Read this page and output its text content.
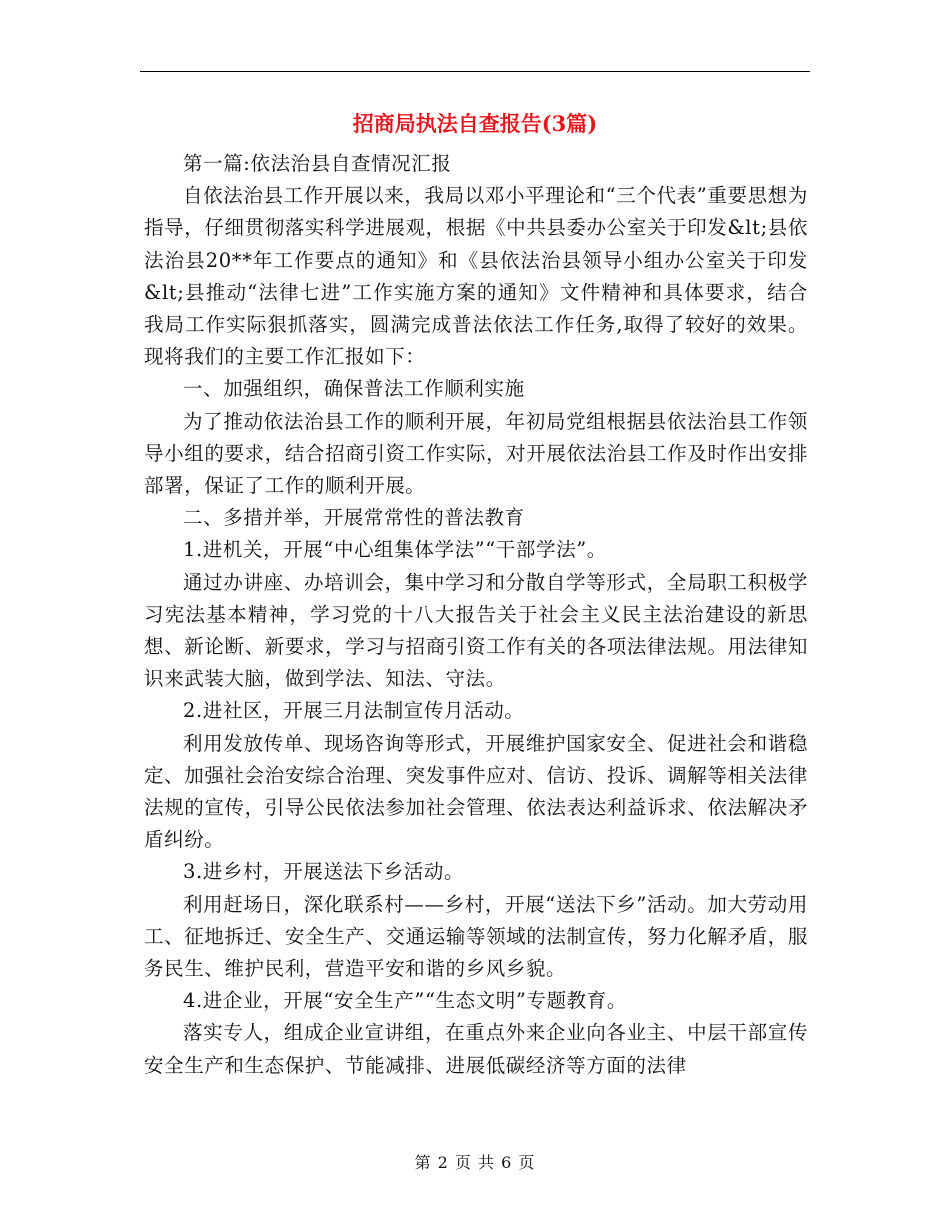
招商局执法自查报告(3篇)

第一篇:依法治县自查情况汇报

自依法治县工作开展以来，我局以邓小平理论和“三个代表”重要思想为指导，仔细贯彻落实科学进展观，根据《中共县委办公室关于印发&lt;县依法治县20**年工作要点的通知》和《县依法治县领导小组办公室关于印发&lt;县推动“法律七进”工作实施方案的通知》文件精神和具体要求，结合我局工作实际狠抓落实，圆满完成普法依法工作任务,取得了较好的效果。现将我们的主要工作汇报如下：

一、加强组织，确保普法工作顺利实施

为了推动依法治县工作的顺利开展，年初局党组根据县依法治县工作领导小组的要求，结合招商引资工作实际，对开展依法治县工作及时作出安排部署，保证了工作的顺利开展。

二、多措并举，开展常常性的普法教育

1.进机关，开展“中心组集体学法”“干部学法”。

通过办讲座、办培训会，集中学习和分散自学等形式，全局职工积极学习宪法基本精神，学习党的十八大报告关于社会主义民主法治建设的新思想、新论断、新要求，学习与招商引资工作有关的各项法律法规。用法律知识来武装大脑，做到学法、知法、守法。

2.进社区，开展三月法制宣传月活动。

利用发放传单、现场咨询等形式，开展维护国家安全、促进社会和谐稳定、加强社会治安综合治理、突发事件应对、信访、投诉、调解等相关法律法规的宣传，引导公民依法参加社会管理、依法表达利益诉求、依法解决矛盾纠纷。

3.进乡村，开展送法下乡活动。

利用赶场日，深化联系村——乡村，开展“送法下乡”活动。加大劳动用工、征地拆迁、安全生产、交通运输等领域的法制宣传，努力化解矛盾，服务民生、维护民利，营造平安和谐的乡风乡貌。

4.进企业，开展“安全生产”“生态文明”专题教育。

落实专人，组成企业宣讲组，在重点外来企业向各业主、中层干部宣传安全生产和生态保护、节能减排、进展低碳经济等方面的法律

第 2 页 共 6 页
